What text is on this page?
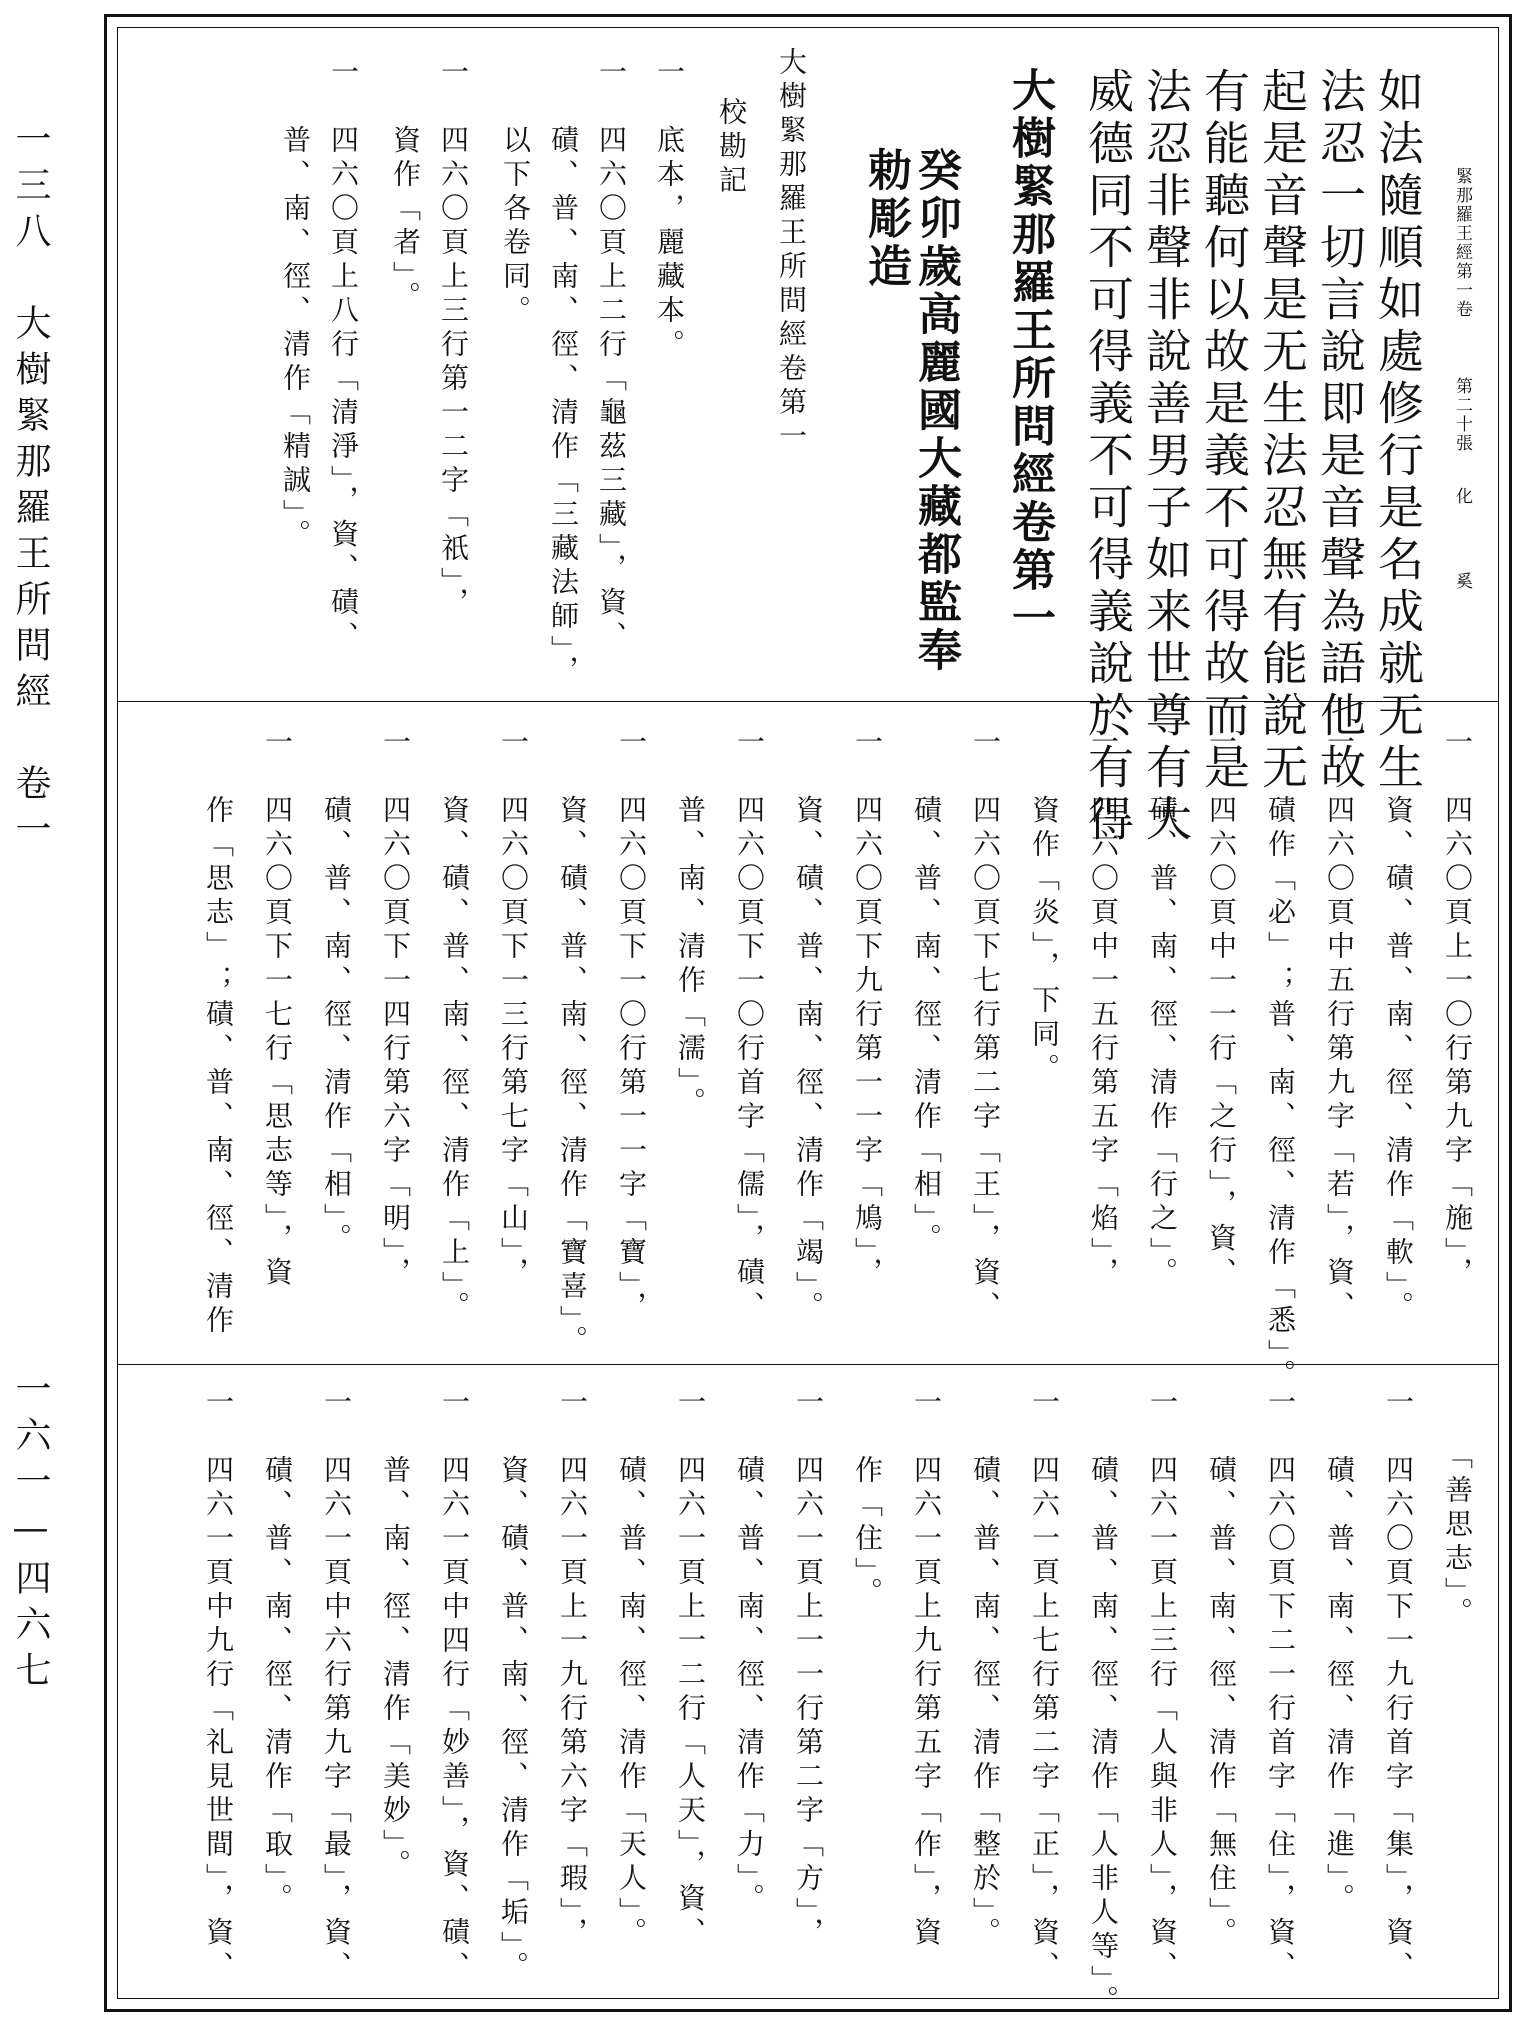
一三八　大樹緊那羅王所問經　卷一
一六一—四六七
緊那羅王經第一卷
第二十張
化
奚
如法隨順如處修行是名成就无生
法忍一切言說即是音聲為語他故
起是音聲是无生法忍無有能說无
有能聽何以故是義不可得故而是
法忍非聲非說善男子如来世尊有大
威德同不可得義不可得義說於有得
大樹緊那羅王所問經卷第一
癸卯歲高麗國大藏都監奉
勅彫造
大樹緊那羅王所問經卷第一
校勘記
一　底本，麗藏本。
一　四六〇頁上二行「龜茲三藏」，資、
　　磧、普、南、徑、清作「三藏法師」，
　　以下各卷同。
一　四六〇頁上三行第一二字「祇」，
　　資作「者」。
一　四六〇頁上八行「清淨」，資、磧、
　　普、南、徑、清作「精誠」。
一　四六〇頁上一〇行第九字「施」，
　　資、磧、普、南、徑、清作「軟」。
一　四六〇頁中五行第九字「若」，資、
　　磧作「必」；普、南、徑、清作「悉」。
一　四六〇頁中一一行「之行」，資、
　　磧、普、南、徑、清作「行之」。
一　四六〇頁中一五行第五字「焰」，
　　資作「炎」，下同。
一　四六〇頁下七行第二字「王」，資、
　　磧、普、南、徑、清作「相」。
一　四六〇頁下九行第一一字「鳩」，
　　資、磧、普、南、徑、清作「竭」。
一　四六〇頁下一〇行首字「儒」，磧、
　　普、南、清作「濡」。
一　四六〇頁下一〇行第一一字「寶」，
　　資、磧、普、南、徑、清作「寶喜」。
一　四六〇頁下一三行第七字「山」，
　　資、磧、普、南、徑、清作「上」。
一　四六〇頁下一四行第六字「明」，
　　磧、普、南、徑、清作「相」。
一　四六〇頁下一七行「思志等」，資
　　作「思志」；磧、普、南、徑、清作
　　「善思志」。
一　四六〇頁下一九行首字「集」，資、
　　磧、普、南、徑、清作「進」。
一　四六〇頁下二一行首字「住」，資、
　　磧、普、南、徑、清作「無住」。
一　四六一頁上三行「人與非人」，資、
　　磧、普、南、徑、清作「人非人等」。
一　四六一頁上七行第二字「正」，資、
　　磧、普、南、徑、清作「整於」。
一　四六一頁上九行第五字「作」，資
　　作「住」。
一　四六一頁上一一行第二字「方」，
　　磧、普、南、徑、清作「力」。
一　四六一頁上一二行「人天」，資、
　　磧、普、南、徑、清作「天人」。
一　四六一頁上一九行第六字「瑕」，
　　資、磧、普、南、徑、清作「垢」。
一　四六一頁中四行「妙善」，資、磧、
　　普、南、徑、清作「美妙」。
一　四六一頁中六行第九字「最」，資、
　　磧、普、南、徑、清作「取」。
一　四六一頁中九行「礼見世間」，資、
